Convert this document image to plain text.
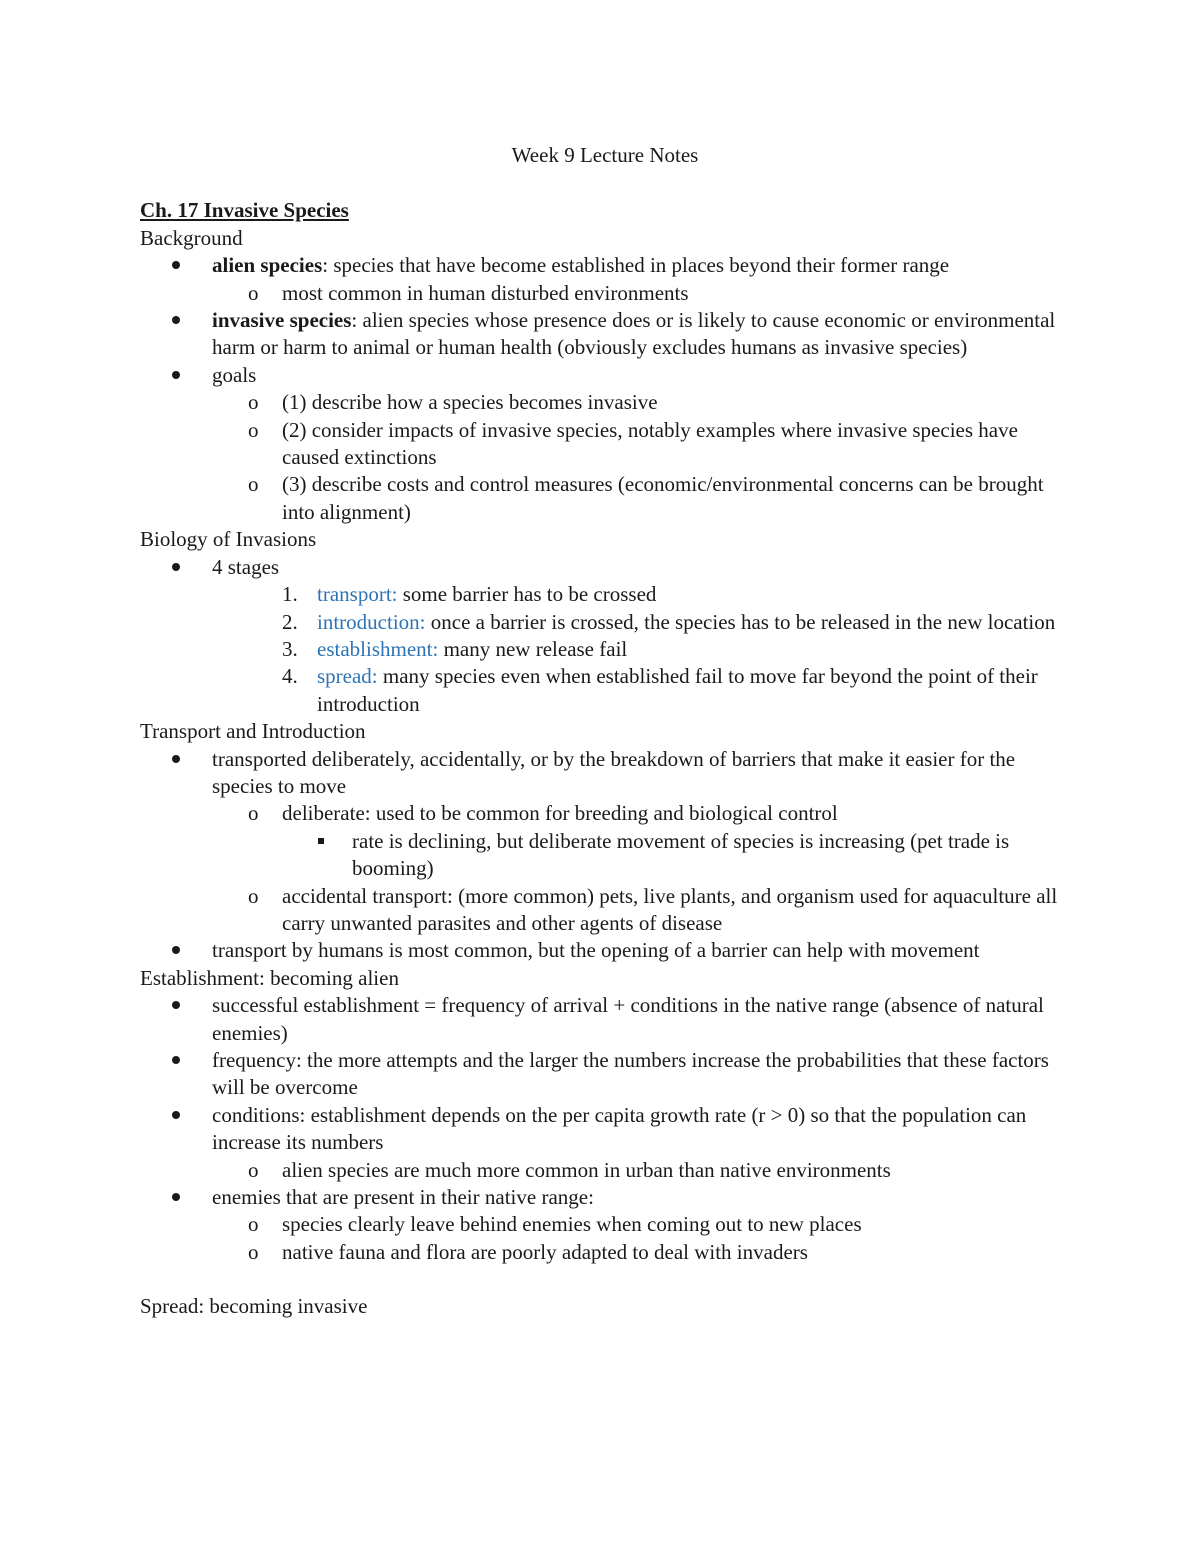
Week 9 Lecture Notes
Ch. 17 Invasive Species
Background
alien species: species that have become established in places beyond their former range
o most common in human disturbed environments
invasive species: alien species whose presence does or is likely to cause economic or environmental harm or harm to animal or human health (obviously excludes humans as invasive species)
goals
o (1) describe how a species becomes invasive
o (2) consider impacts of invasive species, notably examples where invasive species have caused extinctions
o (3) describe costs and control measures (economic/environmental concerns can be brought into alignment)
Biology of Invasions
4 stages
1. transport: some barrier has to be crossed
2. introduction: once a barrier is crossed, the species has to be released in the new location
3. establishment: many new release fail
4. spread: many species even when established fail to move far beyond the point of their introduction
Transport and Introduction
transported deliberately, accidentally, or by the breakdown of barriers that make it easier for the species to move
o deliberate: used to be common for breeding and biological control
rate is declining, but deliberate movement of species is increasing (pet trade is booming)
o accidental transport: (more common) pets, live plants, and organism used for aquaculture all carry unwanted parasites and other agents of disease
transport by humans is most common, but the opening of a barrier can help with movement
Establishment: becoming alien
successful establishment = frequency of arrival + conditions in the native range (absence of natural enemies)
frequency: the more attempts and the larger the numbers increase the probabilities that these factors will be overcome
conditions: establishment depends on the per capita growth rate (r > 0) so that the population can increase its numbers
o alien species are much more common in urban than native environments
enemies that are present in their native range:
o species clearly leave behind enemies when coming out to new places
o native fauna and flora are poorly adapted to deal with invaders
Spread: becoming invasive
